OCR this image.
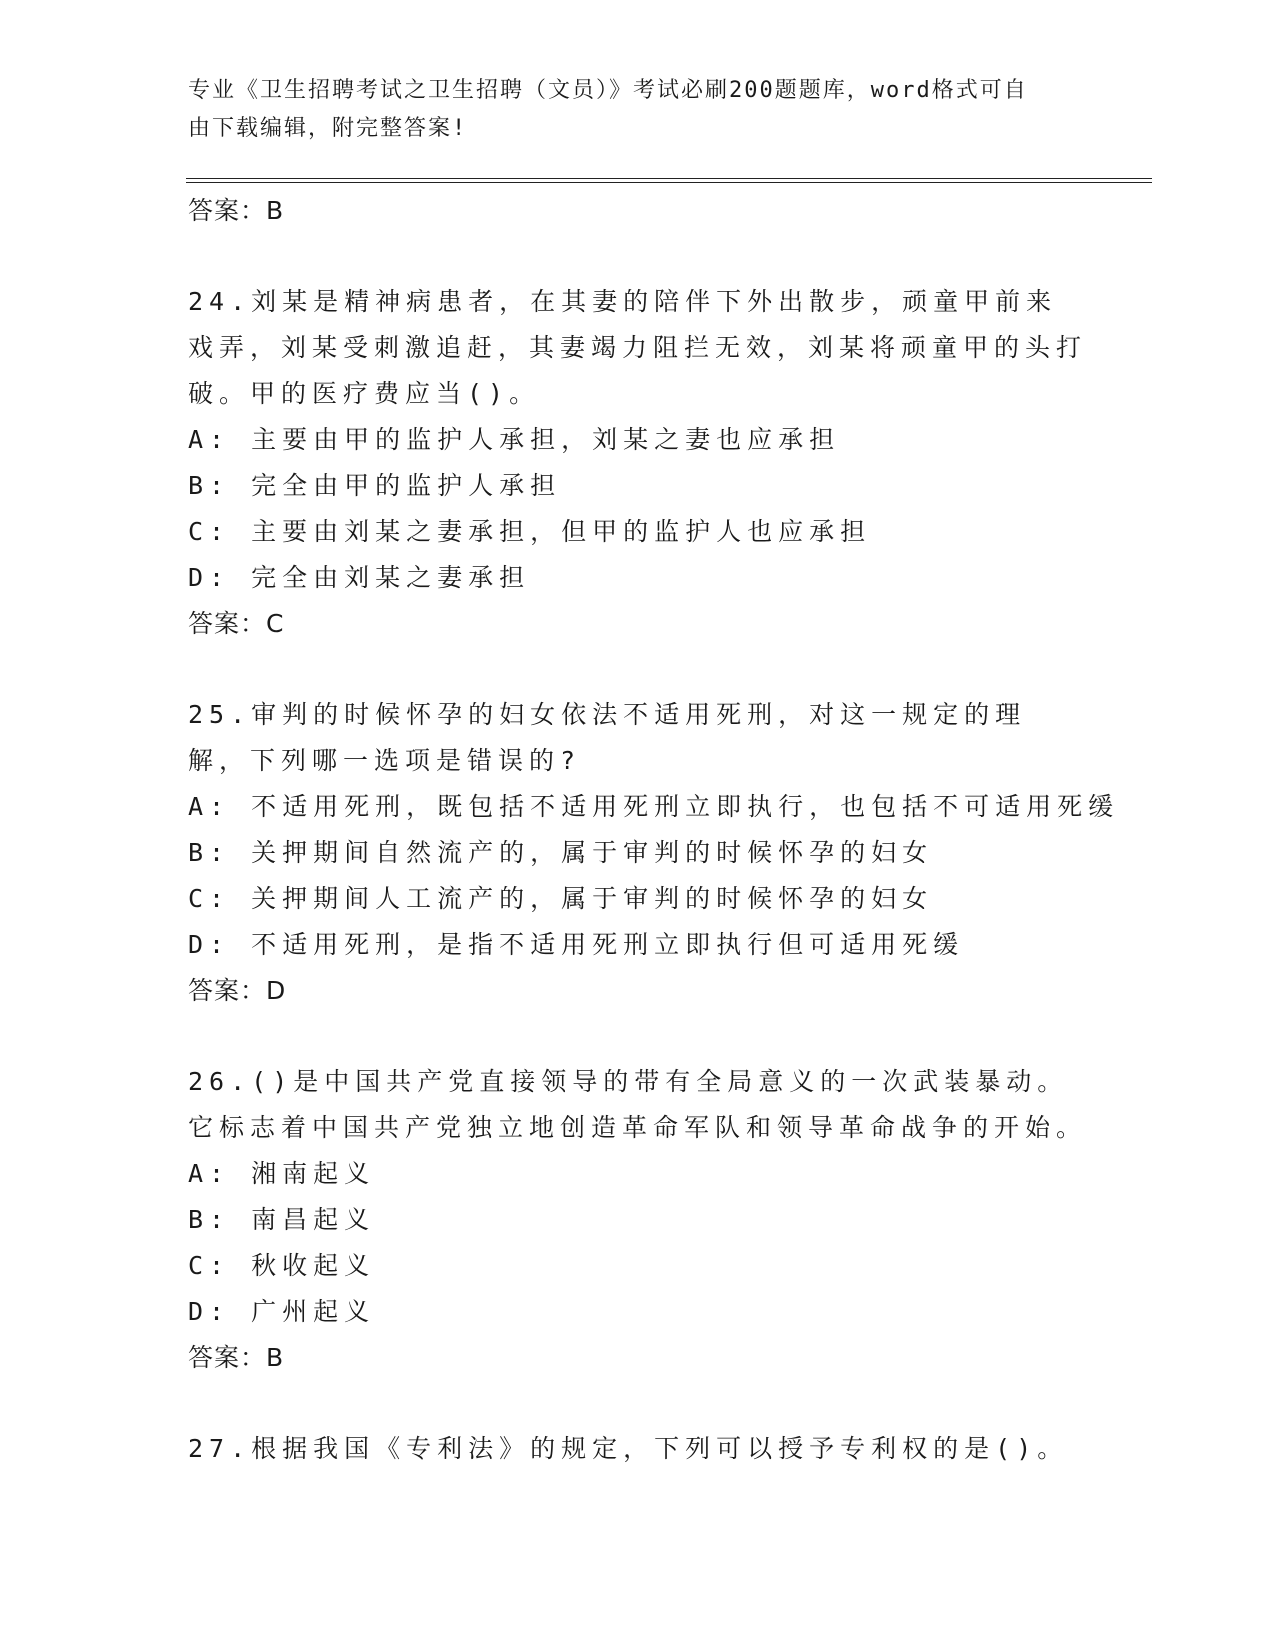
专业《卫生招聘考试之卫生招聘（文员）》考试必刷200题题库，word格式可自
由下载编辑，附完整答案!
答案：B
24.刘某是精神病患者，在其妻的陪伴下外出散步，顽童甲前来戏弄，刘某受刺激追赶，其妻竭力阻拦无效，刘某将顽童甲的头打破。甲的医疗费应当()。
A: 主要由甲的监护人承担，刘某之妻也应承担
B: 完全由甲的监护人承担
C: 主要由刘某之妻承担，但甲的监护人也应承担
D: 完全由刘某之妻承担
答案：C
25.审判的时候怀孕的妇女依法不适用死刑，对这一规定的理解，下列哪一选项是错误的?
A: 不适用死刑，既包括不适用死刑立即执行，也包括不可适用死缓
B: 关押期间自然流产的，属于审判的时候怀孕的妇女
C: 关押期间人工流产的，属于审判的时候怀孕的妇女
D: 不适用死刑，是指不适用死刑立即执行但可适用死缓
答案：D
26.()是中国共产党直接领导的带有全局意义的一次武装暴动。它标志着中国共产党独立地创造革命军队和领导革命战争的开始。
A: 湘南起义
B: 南昌起义
C: 秋收起义
D: 广州起义
答案：B
27.根据我国《专利法》的规定，下列可以授予专利权的是()。
